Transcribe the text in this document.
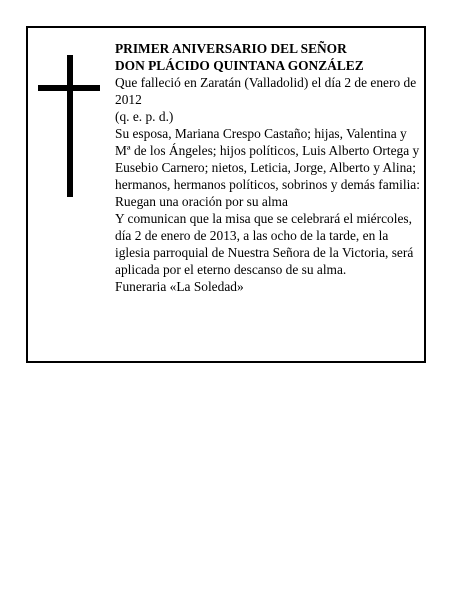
PRIMER ANIVERSARIO DEL SEÑOR

DON PLÁCIDO QUINTANA GONZÁLEZ

Que falleció en Zaratán (Valladolid) el día 2 de enero de 2012

(q. e. p. d.)

Su esposa, Mariana Crespo Castaño; hijas, Valentina y Mª de los Ángeles; hijos políticos, Luis Alberto Ortega y Eusebio Carnero; nietos, Leticia, Jorge, Alberto y Alina; hermanos, hermanos políticos, sobrinos y demás familia:

Ruegan una oración por su alma

Y comunican que la misa que se celebrará el miércoles, día 2 de enero de 2013, a las ocho de la tarde, en la iglesia parroquial de Nuestra Señora de la Victoria, será aplicada por el eterno descanso de su alma.

Funeraria «La Soledad»
